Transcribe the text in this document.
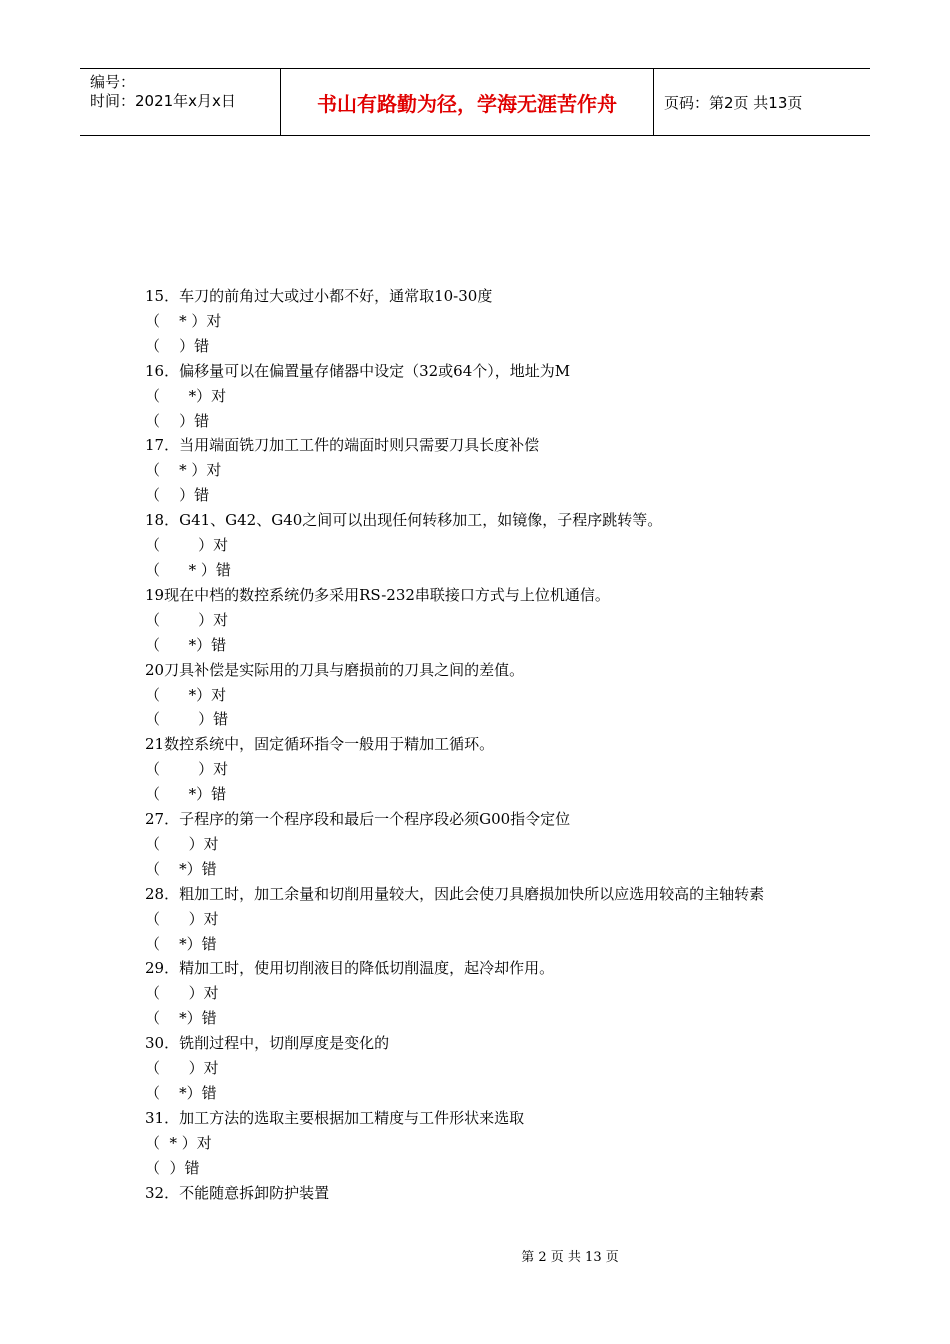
编号：
时间：2021年x月x日	书山有路勤为径，学海无涯苦作舟	页码：第2页 共13页
15．车刀的前角过大或过小都不好，通常取10-30度
（    * ）对
（    ）错
16．偏移量可以在偏置量存储器中设定（32或64个），地址为M
（      *）对
（    ）错
17．当用端面铣刀加工工件的端面时则只需要刀具长度补偿
（    * ）对
（    ）错
18．G41、G42、G40之间可以出现任何转移加工，如镜像，子程序跳转等。
（        ）对
（      * ）错
19现在中档的数控系统仍多采用RS-232串联接口方式与上位机通信。
（        ）对
（      *）错
20刀具补偿是实际用的刀具与磨损前的刀具之间的差值。
（      *）对
（        ）错
21数控系统中，固定循环指令一般用于精加工循环。
（        ）对
（      *）错
27．子程序的第一个程序段和最后一个程序段必须G00指令定位
（      ）对
（    *）错
28．粗加工时，加工余量和切削用量较大，因此会使刀具磨损加快所以应选用较高的主轴转素
（      ）对
（    *）错
29．精加工时，使用切削液目的降低切削温度，起冷却作用。
（      ）对
（    *）错
30．铣削过程中，切削厚度是变化的
（      ）对
（    *）错
31．加工方法的选取主要根据加工精度与工件形状来选取
（  * ）对
（  ）错
32．不能随意拆卸防护装置
第 2 页 共 13 页
